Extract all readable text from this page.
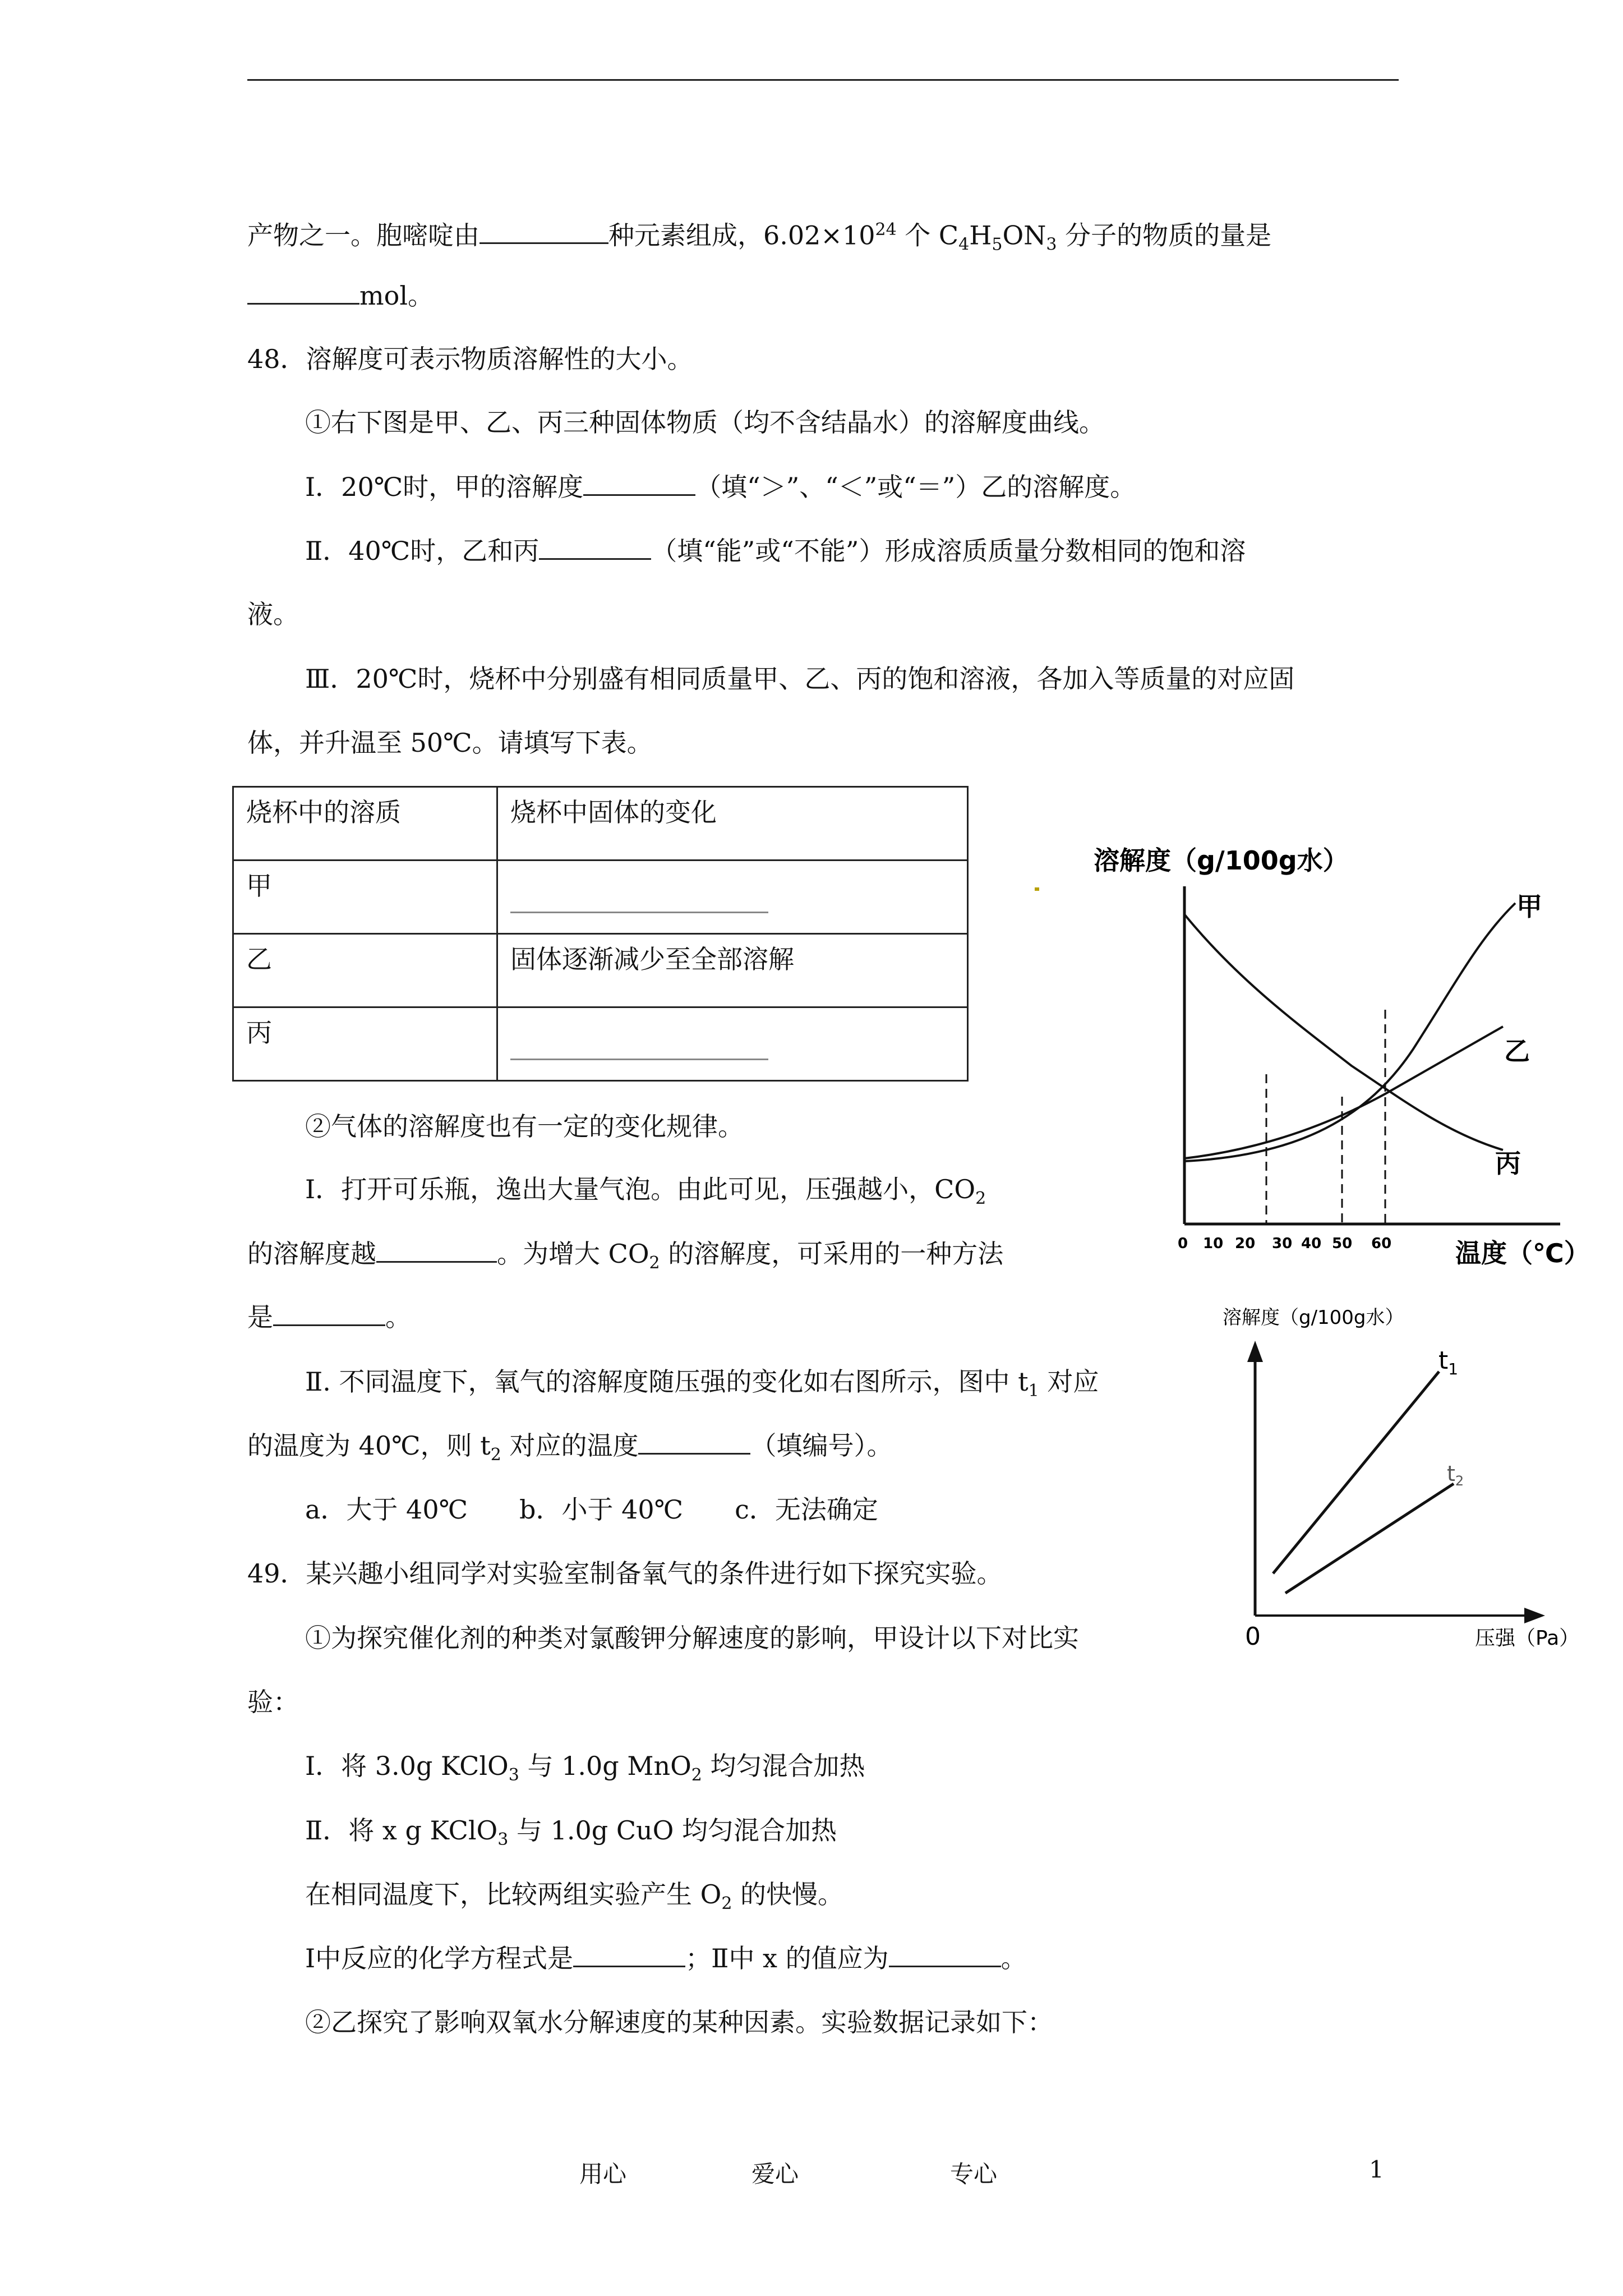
产物之一。胞嘧啶由	种元素组成，$6.02\times 10^{24}$ 个 $C_4H_5ON_3$ 分子的物质的量是
mol。
48．溶解度可表示物质溶解性的大小。
①右下图是甲、乙、丙三种固体物质（均不含结晶水）的溶解度曲线。
Ⅰ．20℃时，甲的溶解度	（填“＞”、“＜”或“＝”）乙的溶解度。
Ⅱ．40℃时，乙和丙	（填“能”或“不能”）形成溶质质量分数相同的饱和溶
液。
Ⅲ．20℃时，烧杯中分别盛有相同质量甲、乙、丙的饱和溶液，各加入等质量的对应固
体，并升温至 50℃。请填写下表。
烧杯中的溶质	烧杯中固体的变化
甲	

乙	固体逐渐减少至全部溶解
丙	
②气体的溶解度也有一定的变化规律。
Ⅰ．打开可乐瓶，逸出大量气泡。由此可见，压强越小，$CO_2$
的溶解度越	。为增大 $CO_2$ 的溶解度，可采用的一种方法
是	。
Ⅱ. 不同温度下，氧气的溶解度随压强的变化如右图所示，图中 $t_1$ 对应
的温度为 40℃，则 $t_2$ 对应的温度	（填编号）。
a．大于 40℃　　b．小于 40℃　　c．无法确定
49．某兴趣小组同学对实验室制备氧气的条件进行如下探究实验。
①为探究催化剂的种类对氯酸钾分解速度的影响，甲设计以下对比实
验：
Ⅰ．将 3.0g KClO$_3$ 与 1.0g MnO$_2$ 均匀混合加热
Ⅱ．将 x g KClO$_3$ 与 1.0g CuO 均匀混合加热
在相同温度下，比较两组实验产生 $O_2$ 的快慢。
Ⅰ中反应的化学方程式是	；Ⅱ中 x 的值应为	。
②乙探究了影响双氧水分解速度的某种因素。实验数据记录如下：
溶解度（g/100g水）
甲
乙
丙
0 10 20 30 40 50 60 温度（℃）
溶解度（g/100g水）
$t_1$
$t_2$
0	压强（Pa）
用心	爱心	专心	1
